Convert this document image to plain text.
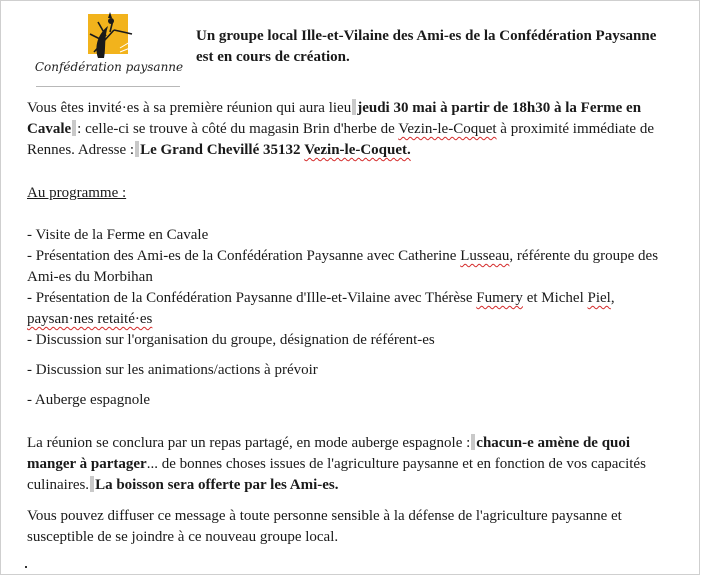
Confédération paysanne
Un groupe local Ille-et-Vilaine des Ami-es de la Confédération Paysanne est en cours de création.
Vous êtes invité·es à sa première réunion qui aura lieu jeudi 30 mai à partir de 18h30 à la Ferme en Cavale : celle-ci se trouve à côté du magasin Brin d'herbe de Vezin-le-Coquet à proximité immédiate de Rennes. Adresse : Le Grand Chevillé 35132 Vezin-le-Coquet.
Au programme :
- Visite de la Ferme en Cavale
- Présentation des Ami-es de la Confédération Paysanne avec Catherine Lusseau, référente du groupe des Ami-es du Morbihan
- Présentation de la Confédération Paysanne d'Ille-et-Vilaine avec Thérèse Fumery et Michel Piel, paysan·nes retaité·es
- Discussion sur l'organisation du groupe, désignation de référent-es
- Discussion sur les animations/actions à prévoir
- Auberge espagnole
La réunion se conclura par un repas partagé, en mode auberge espagnole : chacun-e amène de quoi manger à partager... de bonnes choses issues de l'agriculture paysanne et en fonction de vos capacités culinaires. La boisson sera offerte par les Ami-es.
Vous pouvez diffuser ce message à toute personne sensible à la défense de l'agriculture paysanne et susceptible de se joindre à ce nouveau groupe local.
